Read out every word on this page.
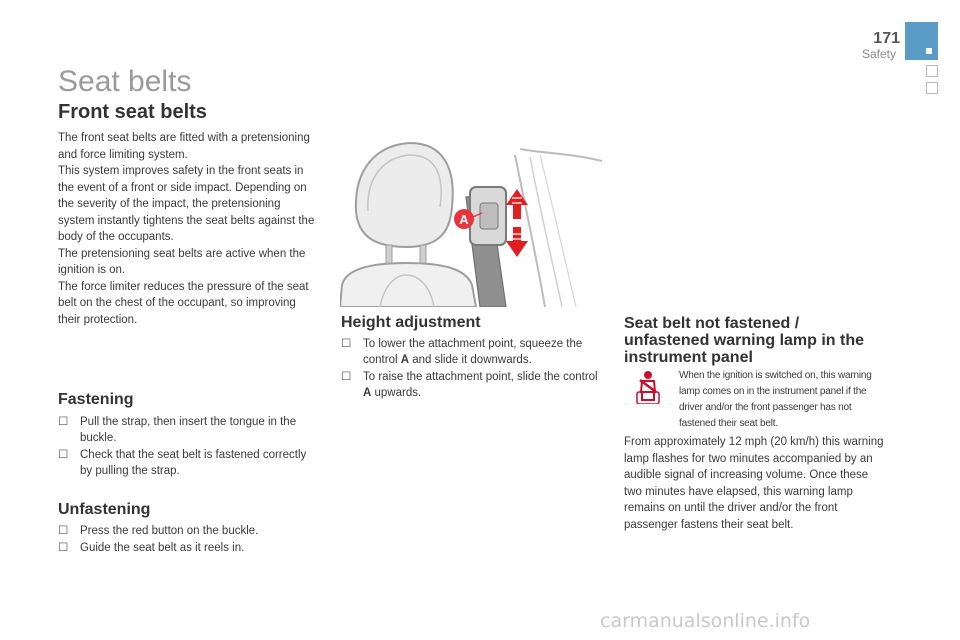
171
Safety
Seat belts
Front seat belts

The front seat belts are fitted with a pretensioning and force limiting system.

This system improves safety in the front seats in the event of a front or side impact. Depending on the severity of the impact, the pretensioning system instantly tightens the seat belts against the body of the occupants.

The pretensioning seat belts are active when the ignition is on.

The force limiter reduces the pressure of the seat belt on the chest of the occupant, so improving their protection.

Fastening
☐ Pull the strap, then insert the tongue in the buckle.
☐ Check that the seat belt is fastened correctly by pulling the strap.
Unfastening
☐ Press the red button on the buckle.
☐ Guide the seat belt as it reels in.
A
Height adjustment
☐ To lower the attachment point, squeeze the control A and slide it downwards.
☐ To raise the attachment point, slide the control A upwards.
Seat belt not fastened / unfastened warning lamp in the instrument panel
When the ignition is switched on, this warning lamp comes on in the instrument panel if the driver and/or the front passenger has not fastened their seat belt.
From approximately 12 mph (20 km/h) this warning lamp flashes for two minutes accompanied by an audible signal of increasing volume. Once these two minutes have elapsed, this warning lamp remains on until the driver and/or the front passenger fastens their seat belt.
carmanualsonline.info
